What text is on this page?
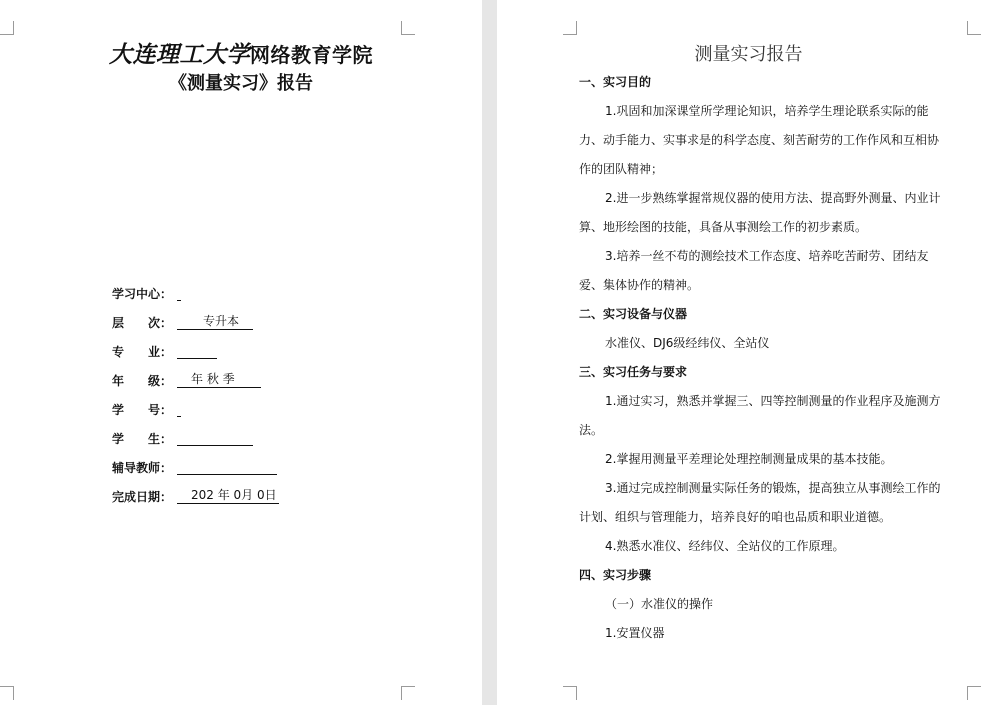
大连理工大学网络教育学院
《测量实习》报告
学习中心：
层　　次： 　　专升本　
专　　业：

年　　级： 　年 秋 季　　
学　　号：
学　　生：

辅导教师：

完成日期： 　202 年 0月 0日
测量实习报告
一、实习目的
1.巩固和加深课堂所学理论知识，培养学生理论联系实际的能
力、动手能力、实事求是的科学态度、刻苦耐劳的工作作风和互相协
作的团队精神；
2.进一步熟练掌握常规仪器的使用方法、提高野外测量、内业计
算、地形绘图的技能，具备从事测绘工作的初步素质。
3.培养一丝不苟的测绘技术工作态度、培养吃苦耐劳、团结友
爱、集体协作的精神。
二、实习设备与仪器
水准仪、DJ6级经纬仪、全站仪
三、实习任务与要求
1.通过实习，熟悉并掌握三、四等控制测量的作业程序及施测方
法。
2.掌握用测量平差理论处理控制测量成果的基本技能。
3.通过完成控制测量实际任务的锻炼，提高独立从事测绘工作的
计划、组织与管理能力，培养良好的咱也品质和职业道德。
4.熟悉水准仪、经纬仪、全站仪的工作原理。
四、实习步骤
（一）水准仪的操作
1.安置仪器
